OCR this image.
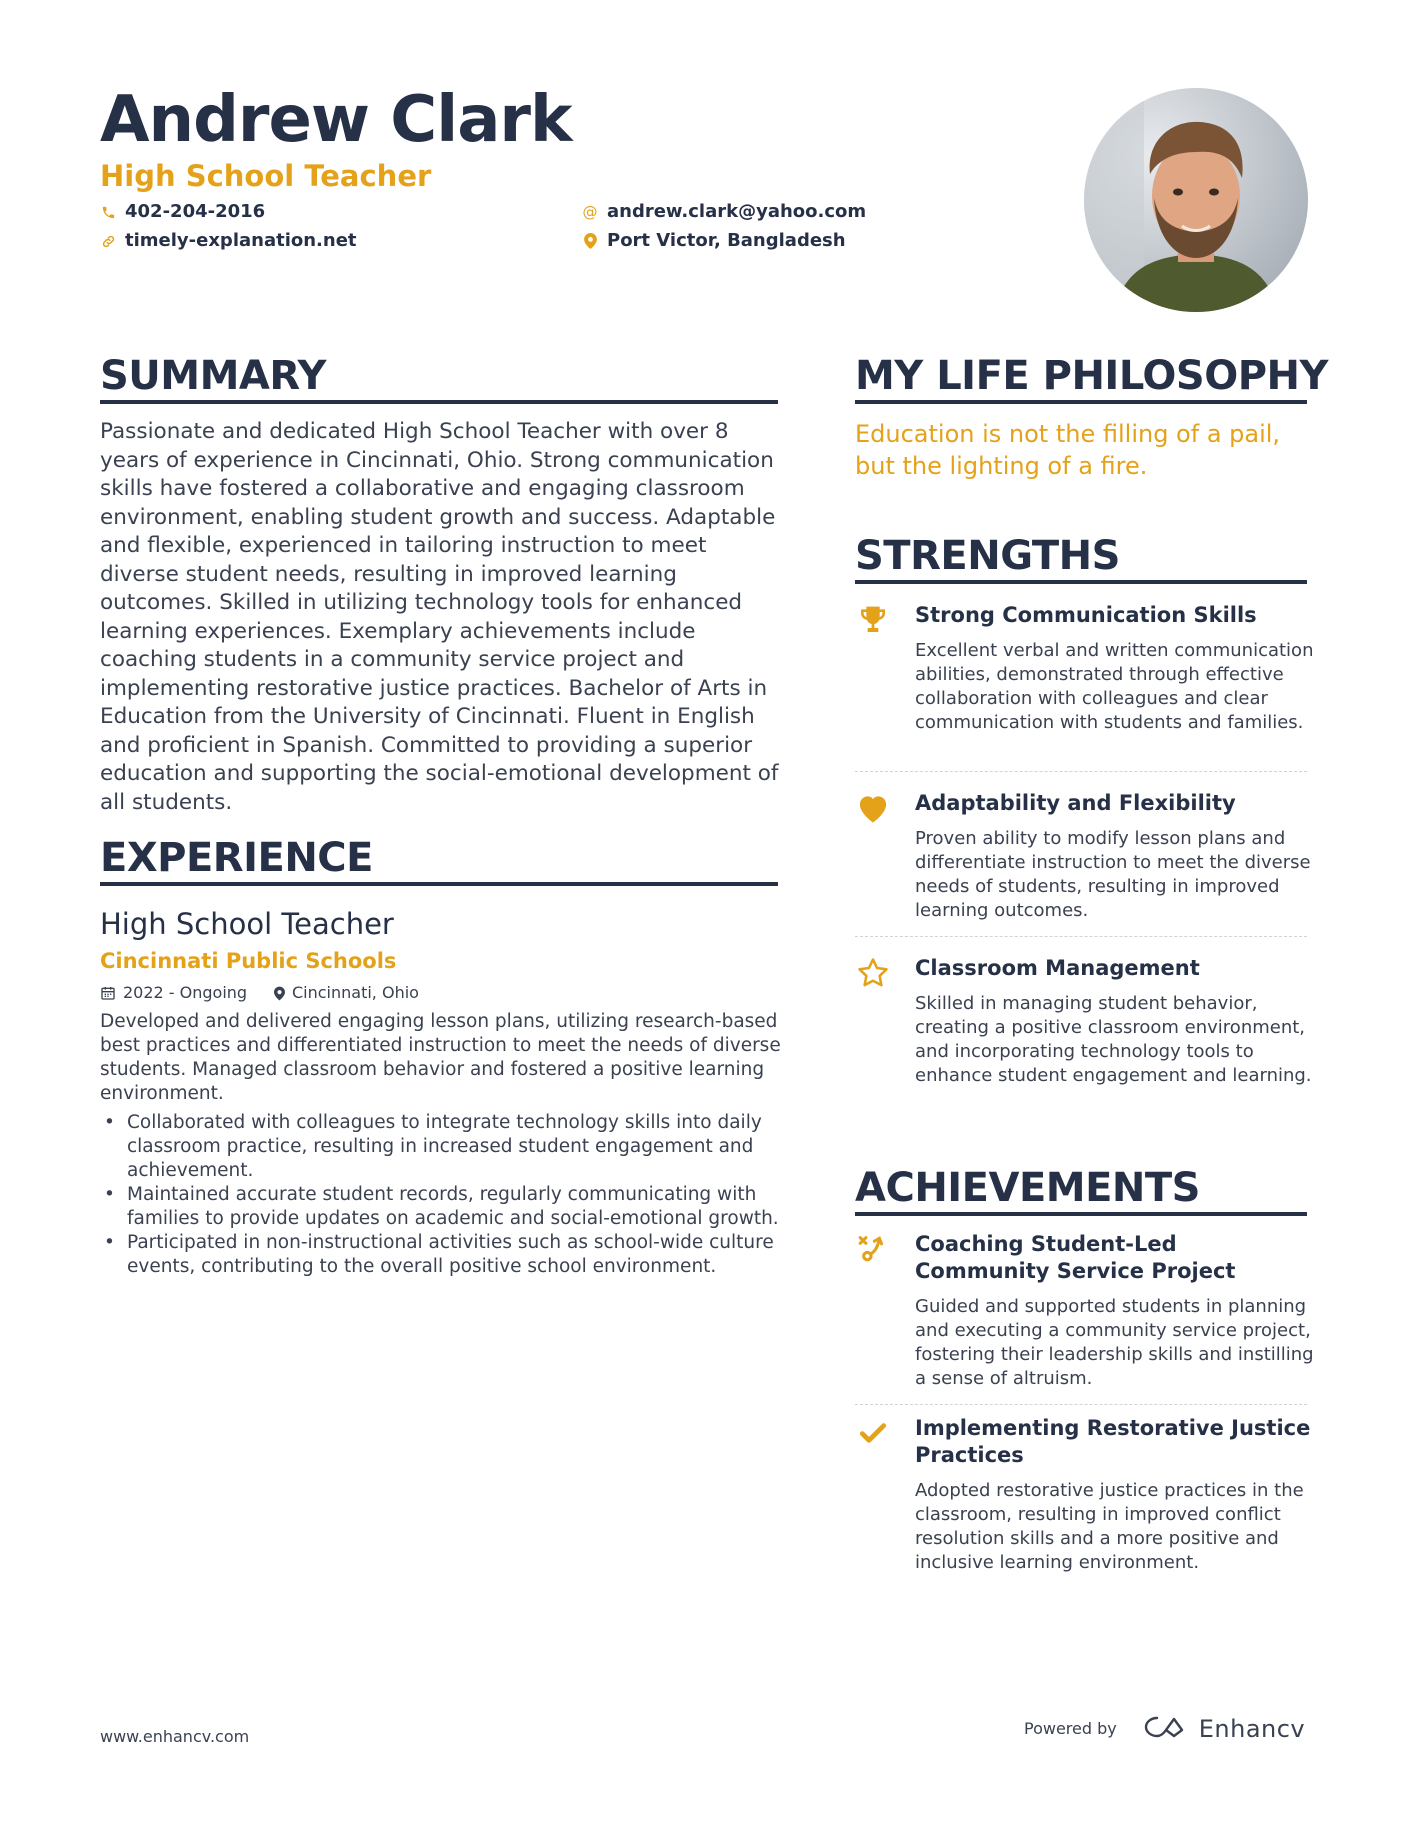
Andrew Clark
High School Teacher
402-204-2016	@ andrew.clark@yahoo.com
timely-explanation.net	Port Victor, Bangladesh
SUMMARY

Passionate and dedicated High School Teacher with over 8 years of experience in Cincinnati, Ohio. Strong communication skills have fostered a collaborative and engaging classroom environment, enabling student growth and success. Adaptable and flexible, experienced in tailoring instruction to meet diverse student needs, resulting in improved learning outcomes. Skilled in utilizing technology tools for enhanced learning experiences. Exemplary achievements include coaching students in a community service project and implementing restorative justice practices. Bachelor of Arts in Education from the University of Cincinnati. Fluent in English and proficient in Spanish. Committed to providing a superior education and supporting the social-emotional development of all students.

EXPERIENCE
High School Teacher
Cincinnati Public Schools
2022 - Ongoing	Cincinnati, Ohio

Developed and delivered engaging lesson plans, utilizing research-based best practices and differentiated instruction to meet the needs of diverse students. Managed classroom behavior and fostered a positive learning environment.

• Collaborated with colleagues to integrate technology skills into daily classroom practice, resulting in increased student engagement and achievement.
• Maintained accurate student records, regularly communicating with families to provide updates on academic and social-emotional growth.
• Participated in non-instructional activities such as school-wide culture events, contributing to the overall positive school environment.
MY LIFE PHILOSOPHY

Education is not the filling of a pail, but the lighting of a fire.

STRENGTHS
Strong Communication Skills

Excellent verbal and written communication abilities, demonstrated through effective collaboration with colleagues and clear communication with students and families.

Adaptability and Flexibility

Proven ability to modify lesson plans and differentiate instruction to meet the diverse needs of students, resulting in improved learning outcomes.

Classroom Management

Skilled in managing student behavior, creating a positive classroom environment, and incorporating technology tools to enhance student engagement and learning.

ACHIEVEMENTS
Coaching Student-Led Community Service Project

Guided and supported students in planning and executing a community service project, fostering their leadership skills and instilling a sense of altruism.

Implementing Restorative Justice Practices

Adopted restorative justice practices in the classroom, resulting in improved conflict resolution skills and a more positive and inclusive learning environment.

www.enhancv.com	Powered by	Enhancv
